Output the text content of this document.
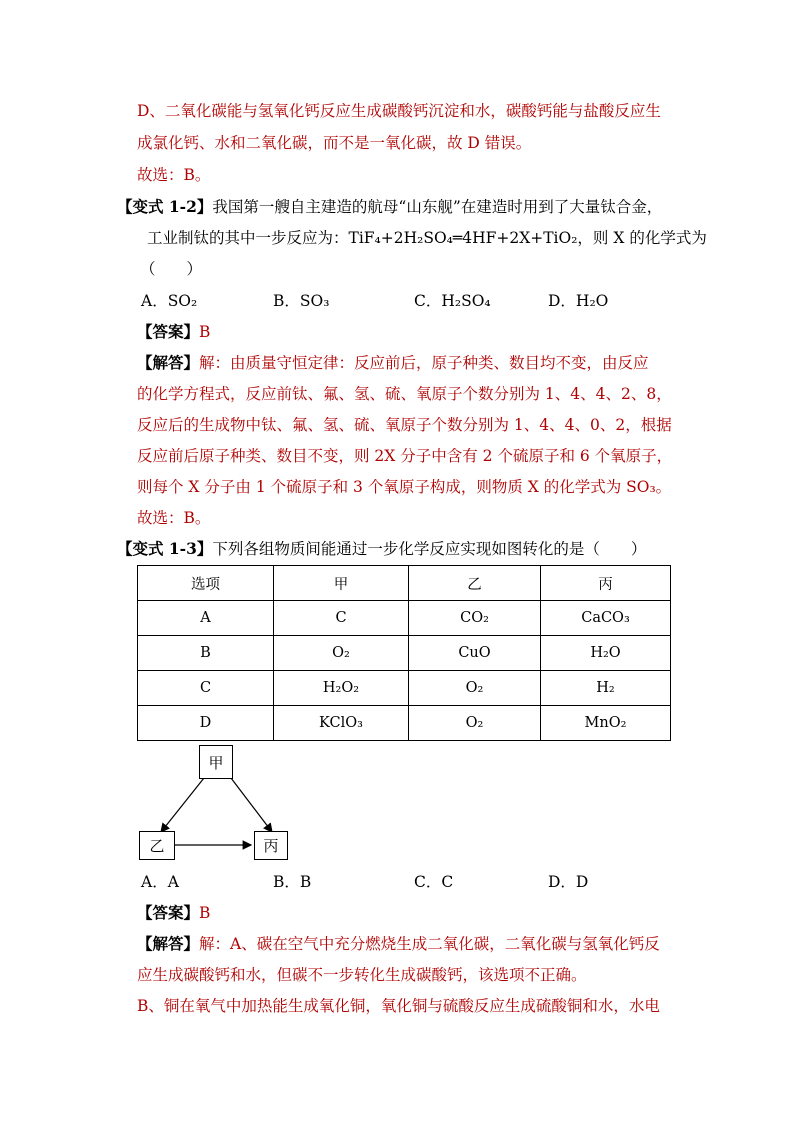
D、二氧化碳能与氢氧化钙反应生成碳酸钙沉淀和水，碳酸钙能与盐酸反应生
成氯化钙、水和二氧化碳，而不是一氧化碳，故 D 错误。
故选：B。
【变式 1-2】我国第一艘自主建造的航母“山东舰”在建造时用到了大量钛合金，
工业制钛的其中一步反应为：TiF₄+2H₂SO₄═4HF+2X+TiO₂，则 X 的化学式为
（　　）
A．SO₂	B．SO₃	C．H₂SO₄	D．H₂O
【答案】B
【解答】解：由质量守恒定律：反应前后，原子种类、数目均不变，由反应
的化学方程式，反应前钛、氟、氢、硫、氧原子个数分别为 1、4、4、2、8，
反应后的生成物中钛、氟、氢、硫、氧原子个数分别为 1、4、4、0、2，根据
反应前后原子种类、数目不变，则 2X 分子中含有 2 个硫原子和 6 个氧原子，
则每个 X 分子由 1 个硫原子和 3 个氧原子构成，则物质 X 的化学式为 SO₃。
故选：B。
【变式 1-3】下列各组物质间能通过一步化学反应实现如图转化的是（　　）
选项	甲	乙	丙
A	C	CO₂	CaCO₃
B	O₂	CuO	H₂O
C	H₂O₂	O₂	H₂
D	KClO₃	O₂	MnO₂
甲
乙	丙
A．A	B．B	C．C	D．D
【答案】B
【解答】解：A、碳在空气中充分燃烧生成二氧化碳，二氧化碳与氢氧化钙反
应生成碳酸钙和水，但碳不一步转化生成碳酸钙，该选项不正确。
B、铜在氧气中加热能生成氧化铜，氧化铜与硫酸反应生成硫酸铜和水，水电
